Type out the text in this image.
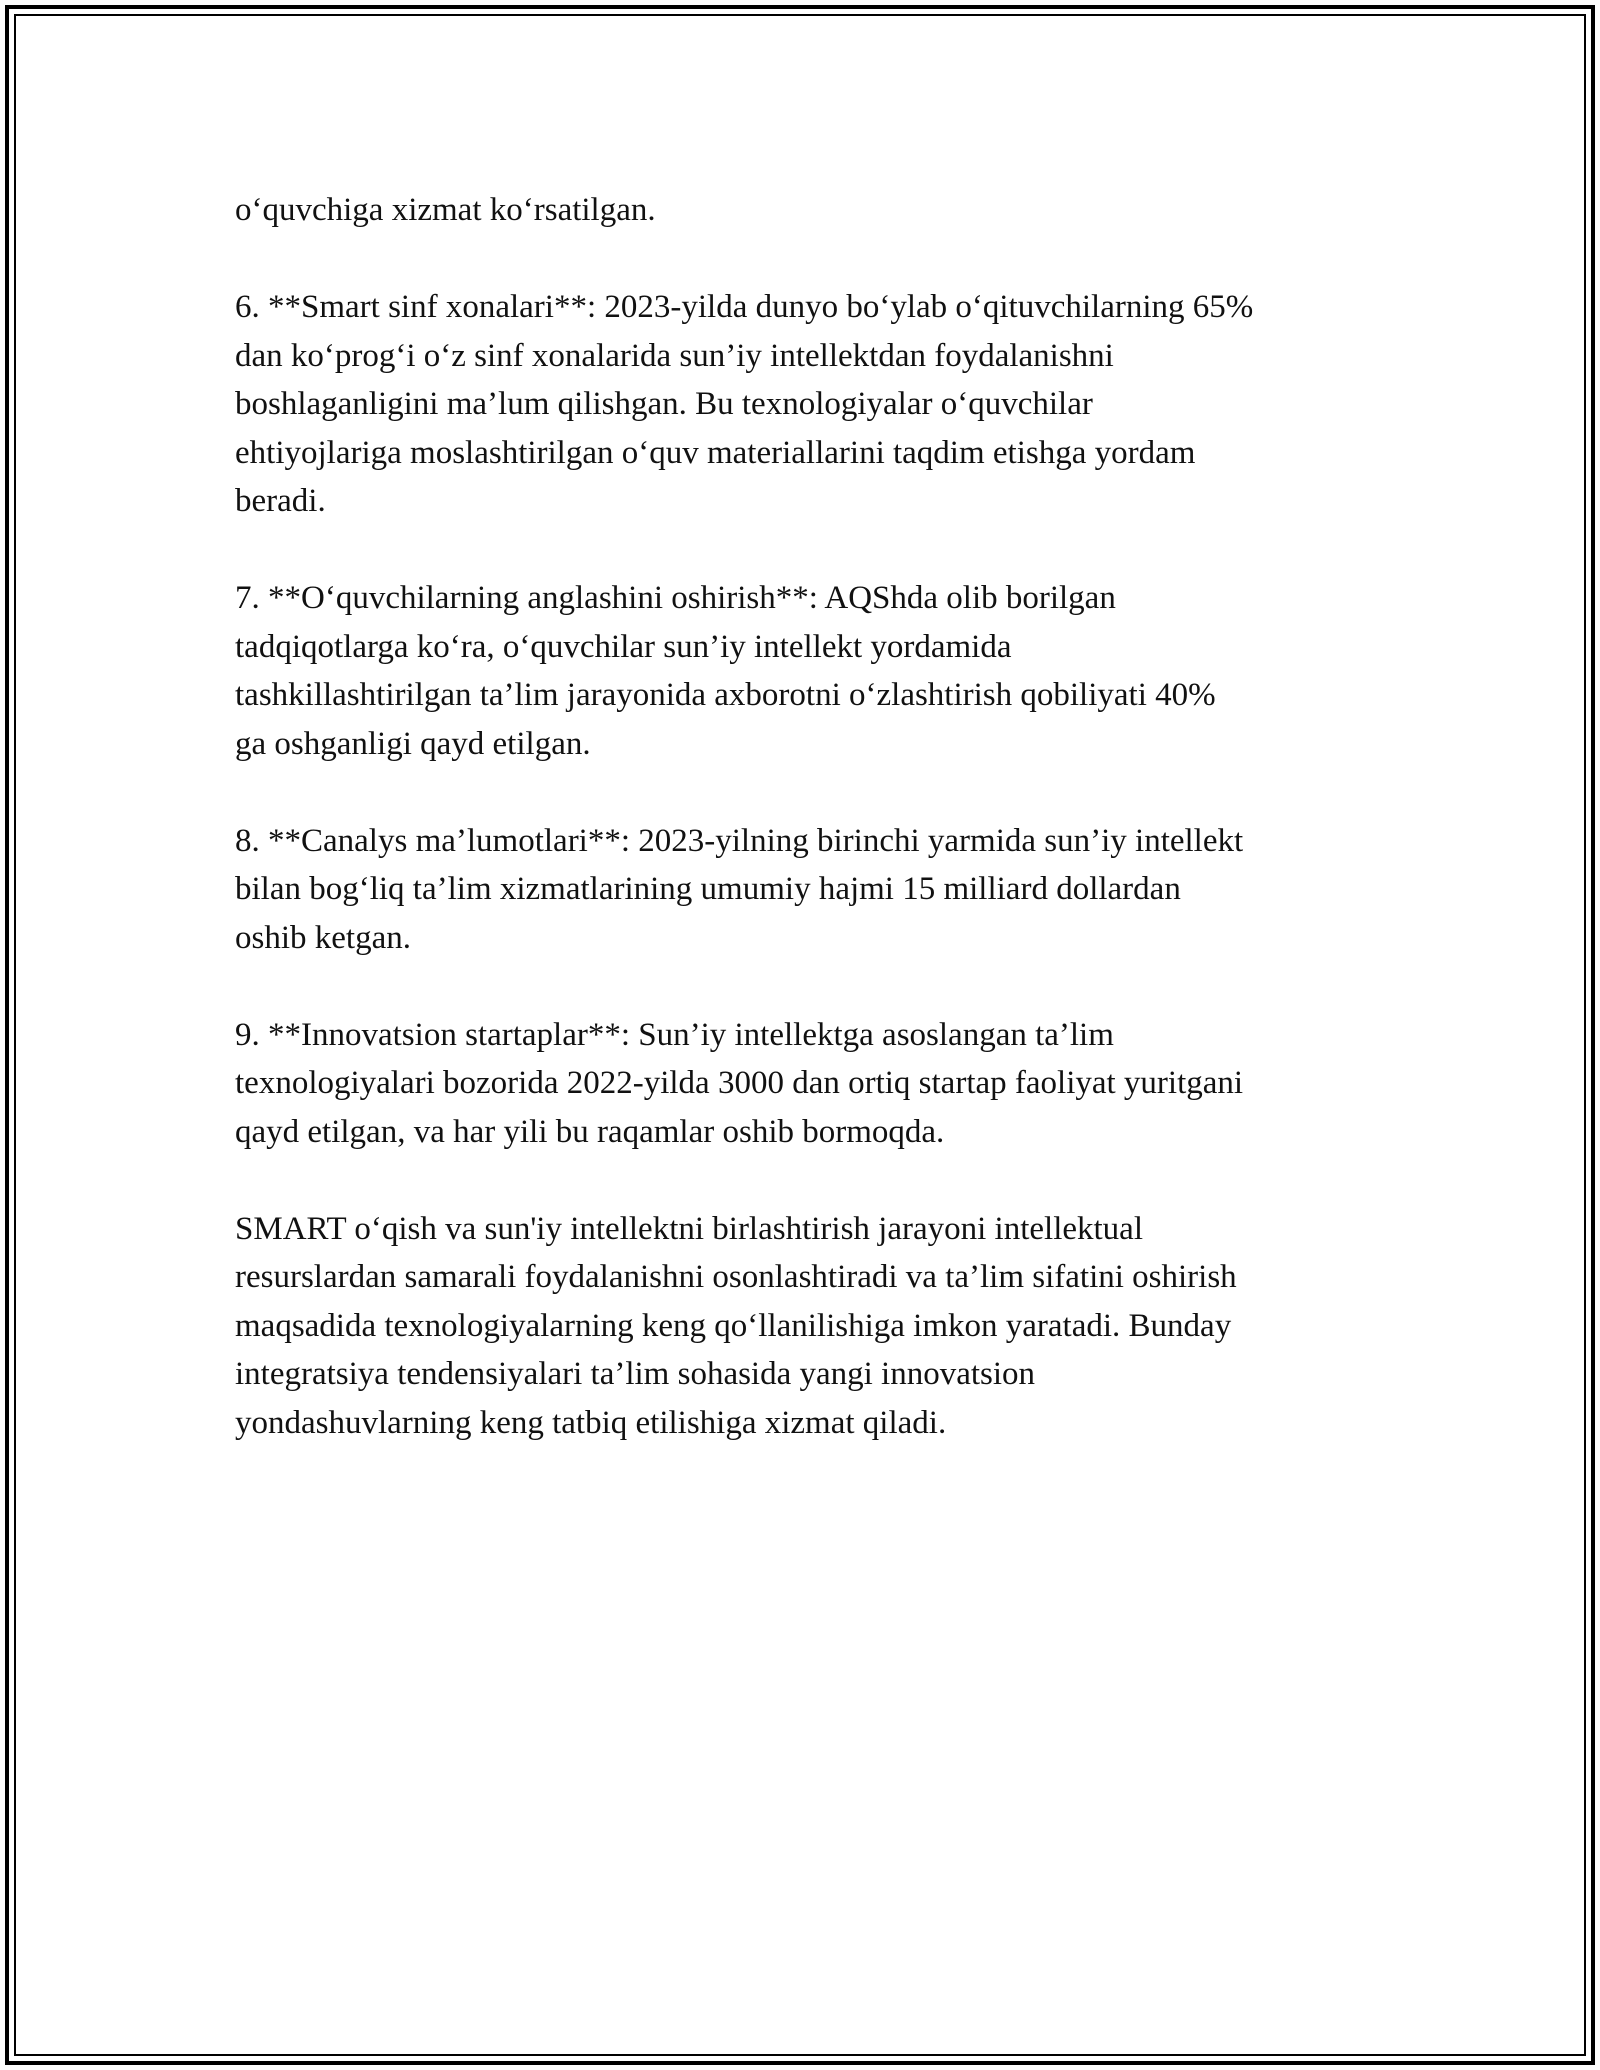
o‘quvchiga xizmat ko‘rsatilgan.

6. **Smart sinf xonalari**: 2023-yilda dunyo bo‘ylab o‘qituvchilarning 65%
dan ko‘prog‘i o‘z sinf xonalarida sun’iy intellektdan foydalanishni
boshlaganligini ma’lum qilishgan. Bu texnologiyalar o‘quvchilar
ehtiyojlariga moslashtirilgan o‘quv materiallarini taqdim etishga yordam
beradi.

7. **O‘quvchilarning anglashini oshirish**: AQShda olib borilgan
tadqiqotlarga ko‘ra, o‘quvchilar sun’iy intellekt yordamida
tashkillashtirilgan ta’lim jarayonida axborotni o‘zlashtirish qobiliyati 40%
ga oshganligi qayd etilgan.

8. **Canalys ma’lumotlari**: 2023-yilning birinchi yarmida sun’iy intellekt
bilan bog‘liq ta’lim xizmatlarining umumiy hajmi 15 milliard dollardan
oshib ketgan.

9. **Innovatsion startaplar**: Sun’iy intellektga asoslangan ta’lim
texnologiyalari bozorida 2022-yilda 3000 dan ortiq startap faoliyat yuritgani
qayd etilgan, va har yili bu raqamlar oshib bormoqda.

SMART o‘qish va sun'iy intellektni birlashtirish jarayoni intellektual
resurslardan samarali foydalanishni osonlashtiradi va ta’lim sifatini oshirish
maqsadida texnologiyalarning keng qo‘llanilishiga imkon yaratadi. Bunday
integratsiya tendensiyalari ta’lim sohasida yangi innovatsion
yondashuvlarning keng tatbiq etilishiga xizmat qiladi.
